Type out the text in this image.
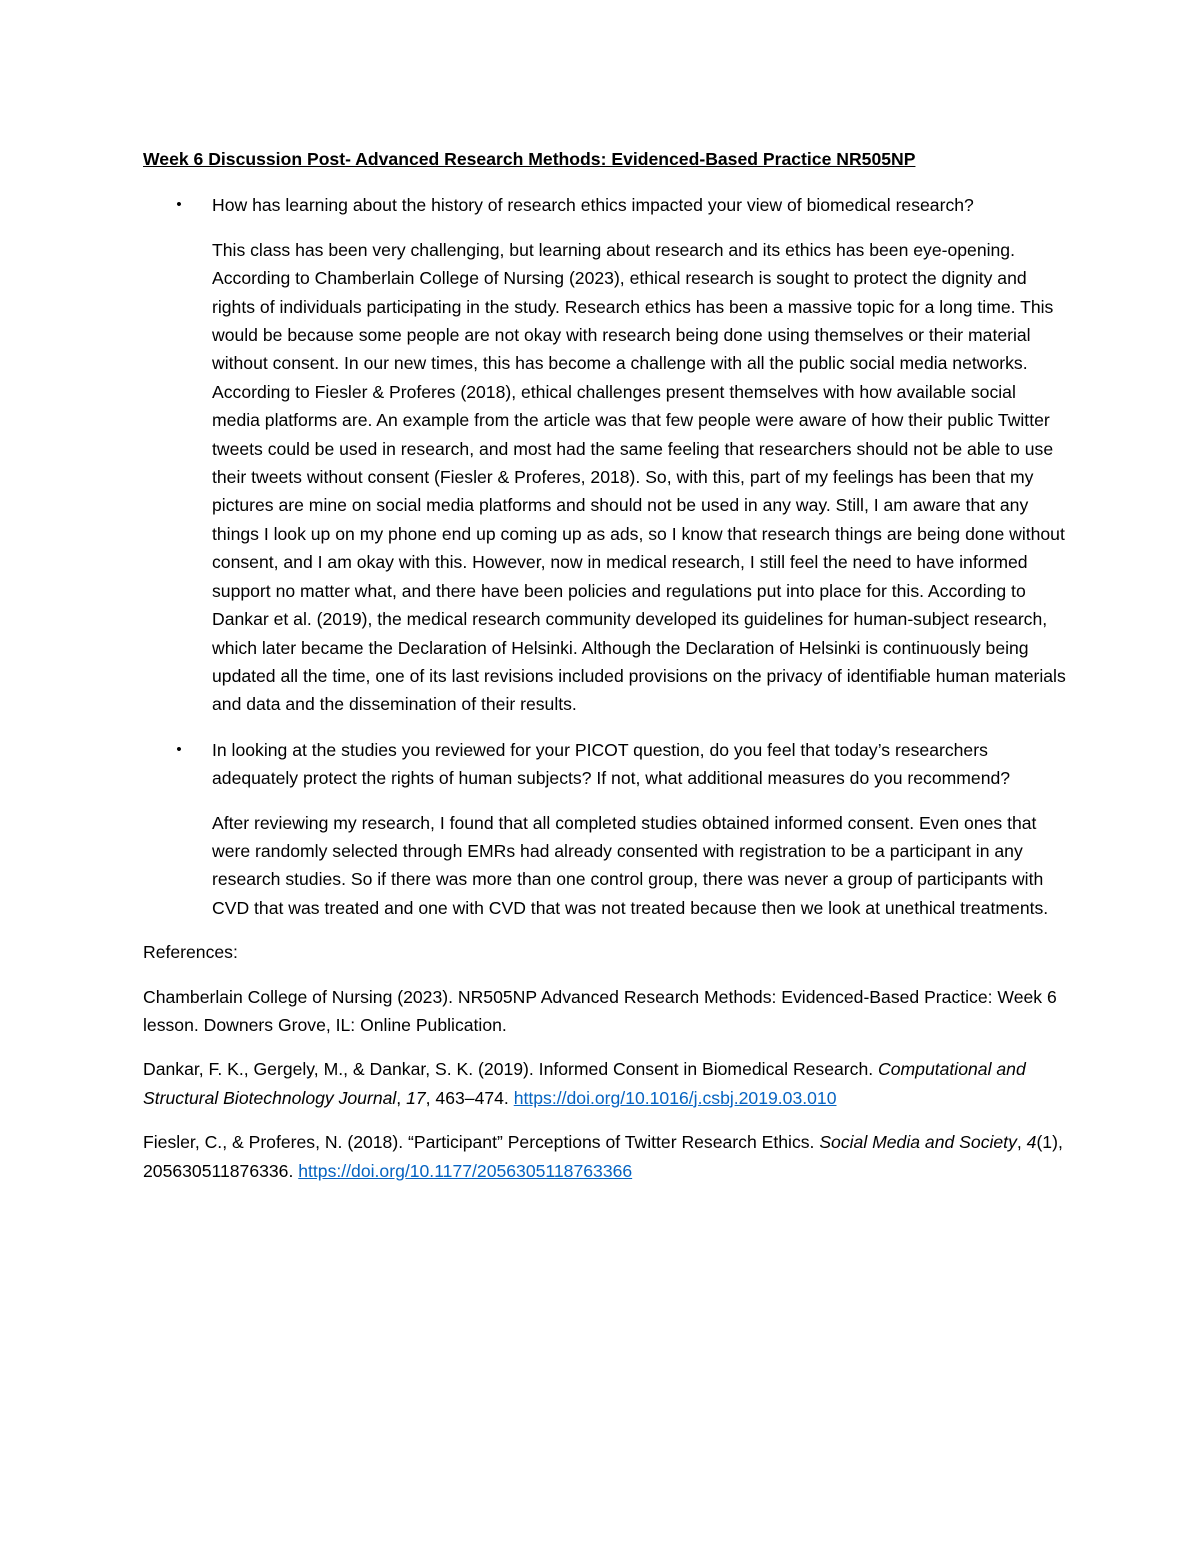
Week 6 Discussion Post- Advanced Research Methods: Evidenced-Based Practice NR505NP
• How has learning about the history of research ethics impacted your view of biomedical research?

This class has been very challenging, but learning about research and its ethics has been eye-opening. According to Chamberlain College of Nursing (2023), ethical research is sought to protect the dignity and rights of individuals participating in the study. Research ethics has been a massive topic for a long time. This would be because some people are not okay with research being done using themselves or their material without consent. In our new times, this has become a challenge with all the public social media networks. According to Fiesler & Proferes (2018), ethical challenges present themselves with how available social media platforms are. An example from the article was that few people were aware of how their public Twitter tweets could be used in research, and most had the same feeling that researchers should not be able to use their tweets without consent (Fiesler & Proferes, 2018). So, with this, part of my feelings has been that my pictures are mine on social media platforms and should not be used in any way. Still, I am aware that any things I look up on my phone end up coming up as ads, so I know that research things are being done without consent, and I am okay with this. However, now in medical research, I still feel the need to have informed support no matter what, and there have been policies and regulations put into place for this. According to Dankar et al. (2019), the medical research community developed its guidelines for human-subject research, which later became the Declaration of Helsinki. Although the Declaration of Helsinki is continuously being updated all the time, one of its last revisions included provisions on the privacy of identifiable human materials and data and the dissemination of their results.

• In looking at the studies you reviewed for your PICOT question, do you feel that today’s researchers adequately protect the rights of human subjects? If not, what additional measures do you recommend?

After reviewing my research, I found that all completed studies obtained informed consent. Even ones that were randomly selected through EMRs had already consented with registration to be a participant in any research studies. So if there was more than one control group, there was never a group of participants with CVD that was treated and one with CVD that was not treated because then we look at unethical treatments.

References:

Chamberlain College of Nursing (2023). NR505NP Advanced Research Methods: Evidenced-Based Practice: Week 6 lesson. Downers Grove, IL: Online Publication.

Dankar, F. K., Gergely, M., & Dankar, S. K. (2019). Informed Consent in Biomedical Research. Computational and Structural Biotechnology Journal, 17, 463–474. https://doi.org/10.1016/j.csbj.2019.03.010

Fiesler, C., & Proferes, N. (2018). “Participant” Perceptions of Twitter Research Ethics. Social Media and Society, 4(1), 205630511876336. https://doi.org/10.1177/2056305118763366
